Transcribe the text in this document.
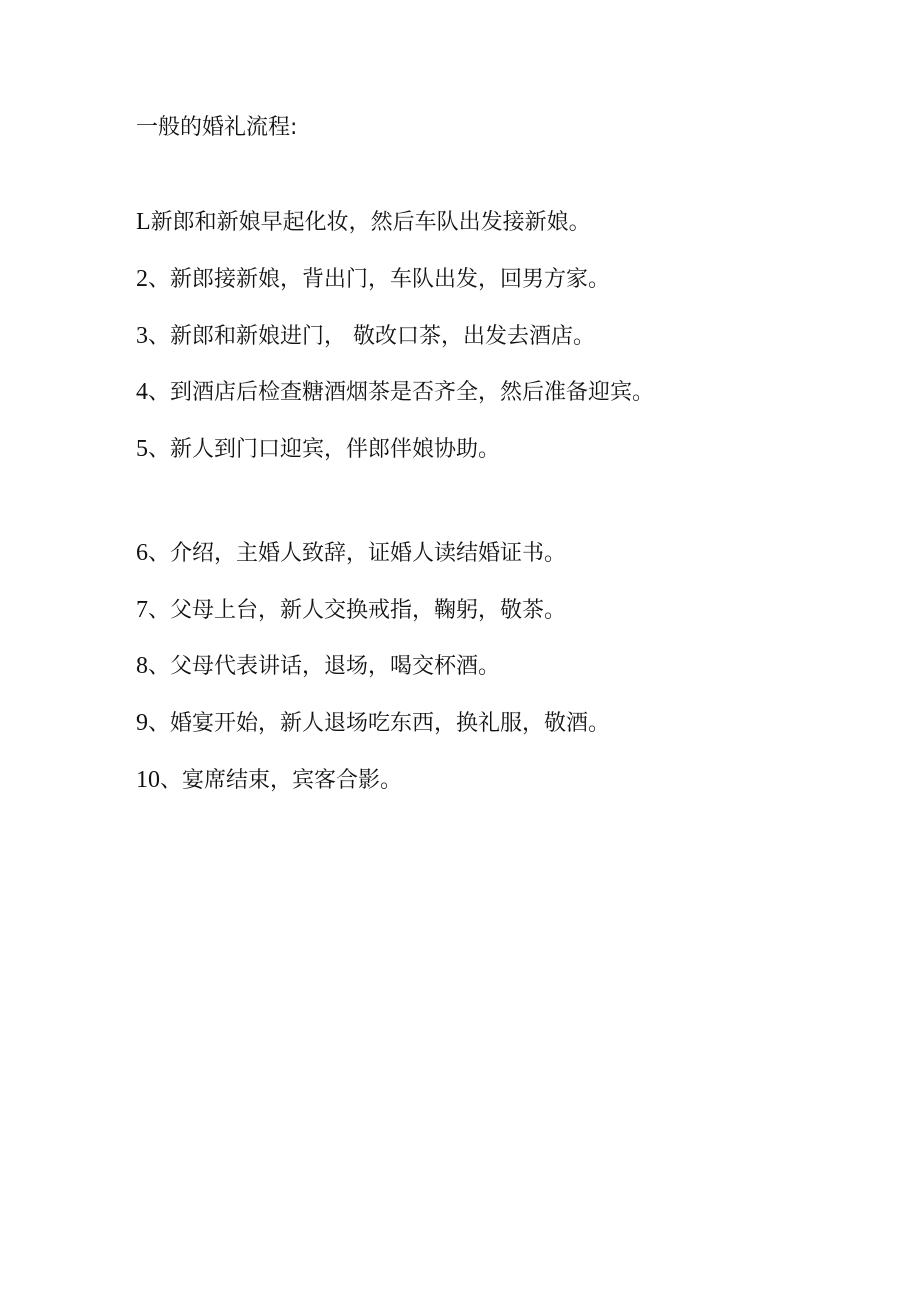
一般的婚礼流程:
L 新郎和新娘早起化妆，然后车队出发接新娘。
2 、新郎接新娘，背出门，车队出发，回男方家。
3 、新郎和新娘进门， 敬改口茶，出发去酒店。
4 、到酒店后检查糖酒烟茶是否齐全，然后准备迎宾。
5 、新人到门口迎宾，伴郎伴娘协助。
6 、介绍，主婚人致辞，证婚人读结婚证书。
7 、父母上台，新人交换戒指，鞠躬，敬茶。
8 、父母代表讲话，退场，喝交杯酒。
9 、婚宴开始，新人退场吃东西，换礼服，敬酒。
10 、宴席结束，宾客合影。
